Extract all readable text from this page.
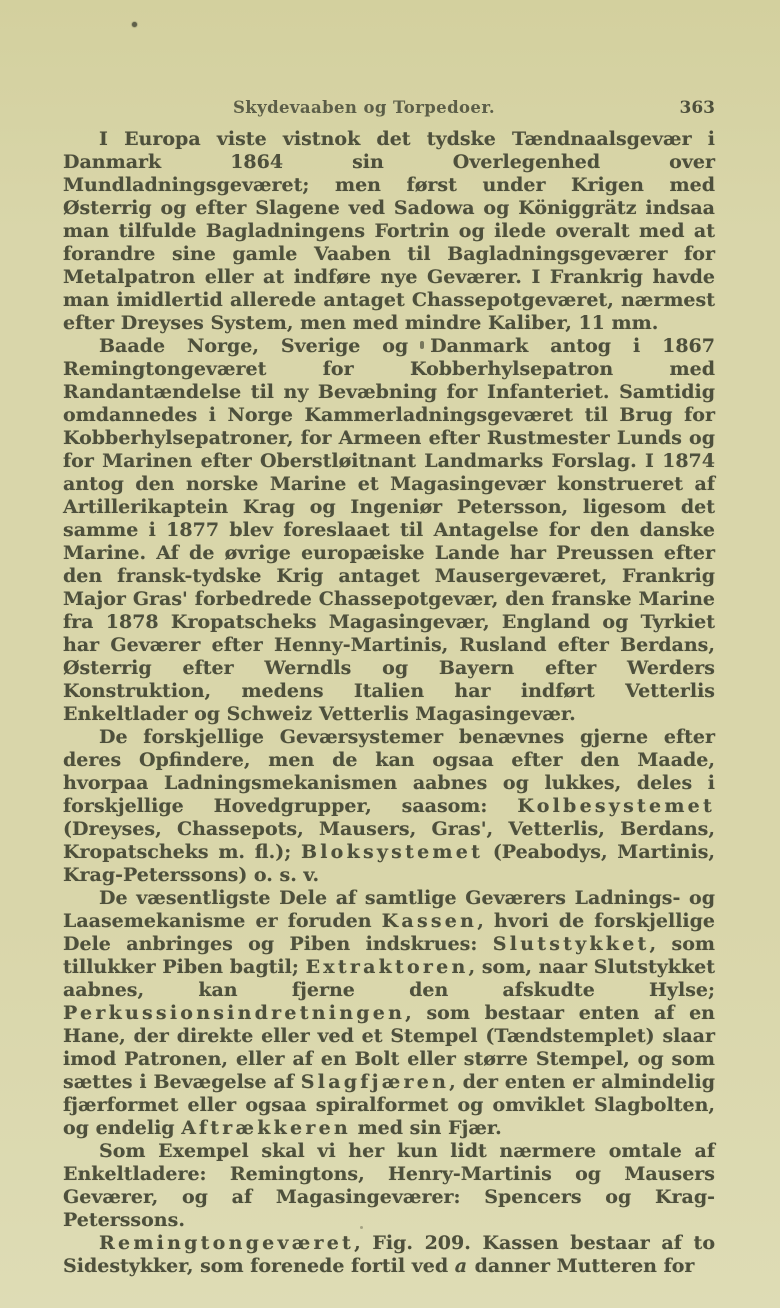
Skydevaaben og Torpedoer.	363

I Europa viste vistnok det tydske Tændnaalsgevær i Danmark 1864 sin Overlegenhed over Mundladningsgeværet; men først under Krigen med Østerrig og efter Slagene ved Sadowa og Königgrätz indsaa man tilfulde Bagladningens Fortrin og ilede overalt med at forandre sine gamle Vaaben til Bagladningsgeværer for Metalpatron eller at indføre nye Geværer. I Frankrig havde man imidlertid allerede antaget Chassepotgeværet, nærmest efter Dreyses System, men med mindre Kaliber, 11 mm.

Baade Norge, Sverige og Danmark antog i 1867 Remingtongeværet for Kobberhylsepatron med Randantændelse til ny Bevæbning for Infanteriet. Samtidig omdannedes i Norge Kammerladningsgeværet til Brug for Kobberhylsepatroner, for Armeen efter Rustmester Lunds og for Marinen efter Oberstløitnant Landmarks Forslag. I 1874 antog den norske Marine et Magasingevær konstrueret af Artillerikaptein Krag og Ingeniør Petersson, ligesom det samme i 1877 blev foreslaaet til Antagelse for den danske Marine. Af de øvrige europæiske Lande har Preussen efter den fransk-tydske Krig antaget Mausergeværet, Frankrig Major Gras' forbedrede Chassepotgevær, den franske Marine fra 1878 Kropatscheks Magasingevær, England og Tyrkiet har Geværer efter Henny-Martinis, Rusland efter Berdans, Østerrig efter Werndls og Bayern efter Werders Konstruktion, medens Italien har indført Vetterlis Enkeltlader og Schweiz Vetterlis Magasingevær.

De forskjellige Geværsystemer benævnes gjerne efter deres Opfindere, men de kan ogsaa efter den Maade, hvorpaa Ladningsmekanismen aabnes og lukkes, deles i forskjellige Hovedgrupper, saasom: Kolbesystemet (Dreyses, Chassepots, Mausers, Gras', Vetterlis, Berdans, Kropatscheks m. fl.); Bloksystemet (Peabodys, Martinis, Krag-Peterssons) o. s. v.

De væsentligste Dele af samtlige Geværers Ladnings- og Laasemekanisme er foruden Kassen, hvori de forskjellige Dele anbringes og Piben indskrues: Slutstykket, som tillukker Piben bagtil; Extraktoren, som, naar Slutstykket aabnes, kan fjerne den afskudte Hylse; Perkussionsindretningen, som bestaar enten af en Hane, der direkte eller ved et Stempel (Tændstemplet) slaar imod Patronen, eller af en Bolt eller større Stempel, og som sættes i Bevægelse af Slagfjæren, der enten er almindelig fjærformet eller ogsaa spiralformet og omviklet Slagbolten, og endelig Aftrækkeren med sin Fjær.

Som Exempel skal vi her kun lidt nærmere omtale af Enkeltladere: Remingtons, Henry-Martinis og Mausers Geværer, og af Magasingeværer: Spencers og Krag-Peterssons.

Remingtongeværet, Fig. 209. Kassen bestaar af to Sidestykker, som forenede fortil ved a danner Mutteren for
